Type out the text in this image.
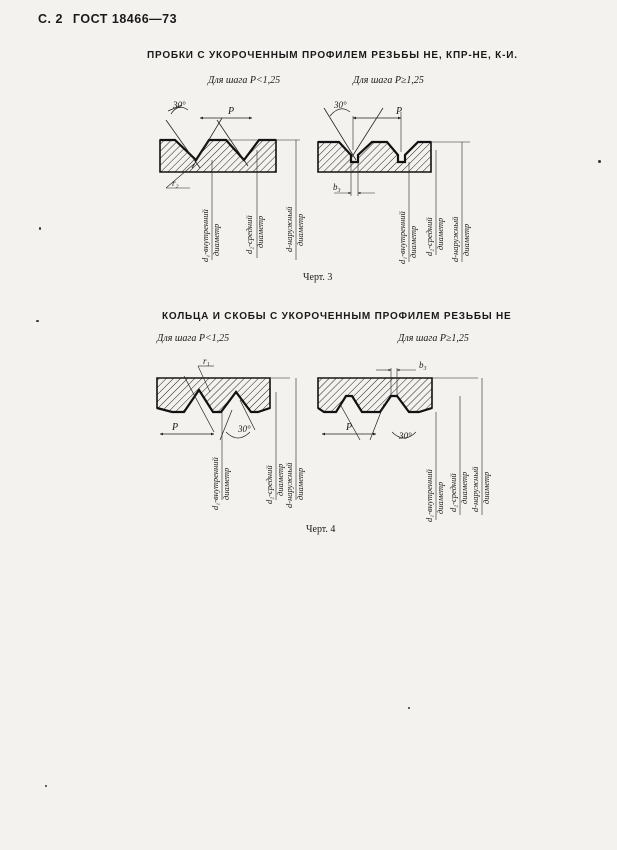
С. 2 ГОСТ 18466—73
ПРОБКИ С УКОРОЧЕННЫМ ПРОФИЛЕМ РЕЗЬБЫ НЕ, КПР-НЕ, К-И.
Для шага P<1,25	Для шага P≥1,25
КОЛЬЦА И СКОБЫ С УКОРОЧЕННЫМ ПРОФИЛЕМ РЕЗЬБЫ НЕ
Для шага P<1,25	Для шага P≥1,25
30°
P
r₂
d₁-внутренний диаметр	d₂-средний диаметр d-наружный диаметр
30°
P
b₃
d₁-внутренний диаметр d₂-средний диаметр d-наружный диаметр
r₁
P	30°
d₁-внутренний диаметр	d₂-средний диаметр d-наружный диаметр
b₃
P
30°
d₁-внутренний диаметр d₂-средний диаметр d-наружный диаметр
Черт. 3
Черт. 4
